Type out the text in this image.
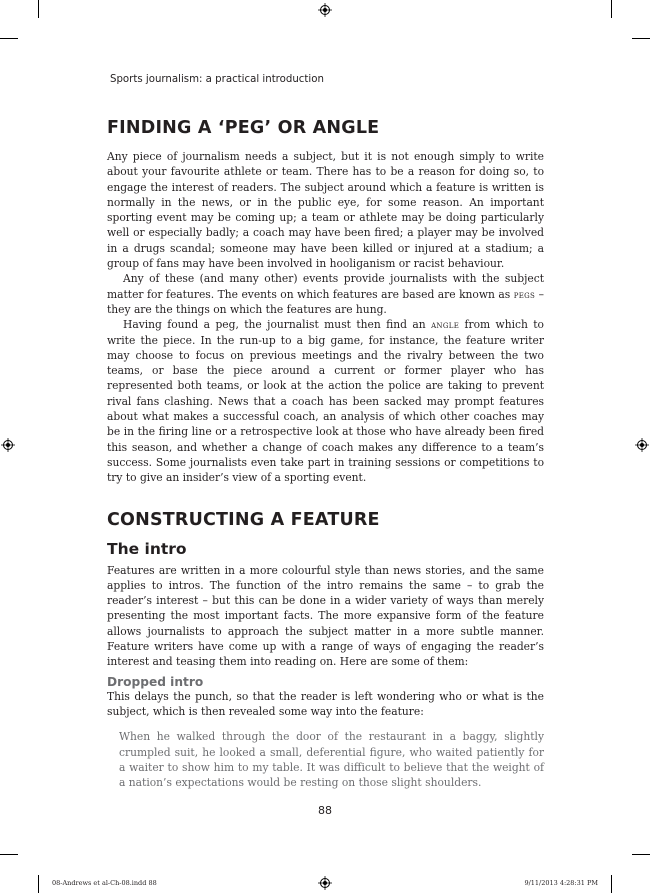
Sports journalism: a practical introduction
FINDING A ‘PEG’ OR ANGLE

Any piece of journalism needs a subject, but it is not enough simply to write about your favourite athlete or team. There has to be a reason for doing so, to engage the interest of readers. The subject around which a feature is written is normally in the news, or in the public eye, for some reason. An important sporting event may be coming up; a team or athlete may be doing particularly well or especially badly; a coach may have been fired; a player may be involved in a drugs scandal; someone may have been killed or injured at a stadium; a group of fans may have been involved in hooliganism or racist behaviour.

Any of these (and many other) events provide journalists with the subject matter for features. The events on which features are based are known as pegs – they are the things on which the features are hung.

Having found a peg, the journalist must then find an angle from which to write the piece. In the run-up to a big game, for instance, the feature writer may choose to focus on previous meetings and the rivalry between the two teams, or base the piece around a current or former player who has represented both teams, or look at the action the police are taking to prevent rival fans clashing. News that a coach has been sacked may prompt features about what makes a successful coach, an analysis of which other coaches may be in the firing line or a retrospective look at those who have already been fired this season, and whether a change of coach makes any difference to a team’s success. Some journalists even take part in training sessions or competitions to try to give an insider’s view of a sporting event.

CONSTRUCTING A FEATURE
The intro

Features are written in a more colourful style than news stories, and the same applies to intros. The function of the intro remains the same – to grab the reader’s interest – but this can be done in a wider variety of ways than merely presenting the most important facts. The more expansive form of the feature allows journalists to approach the subject matter in a more subtle manner. Feature writers have come up with a range of ways of engaging the reader’s interest and teasing them into reading on. Here are some of them:

Dropped intro

This delays the punch, so that the reader is left wondering who or what is the subject, which is then revealed some way into the feature:

When he walked through the door of the restaurant in a baggy, slightly crumpled suit, he looked a small, deferential figure, who waited patiently for a waiter to show him to my table. It was difficult to believe that the weight of a nation’s expectations would be resting on those slight shoulders.
88
08-Andrews et al-Ch-08.indd 88	9/11/2013 4:28:31 PM
